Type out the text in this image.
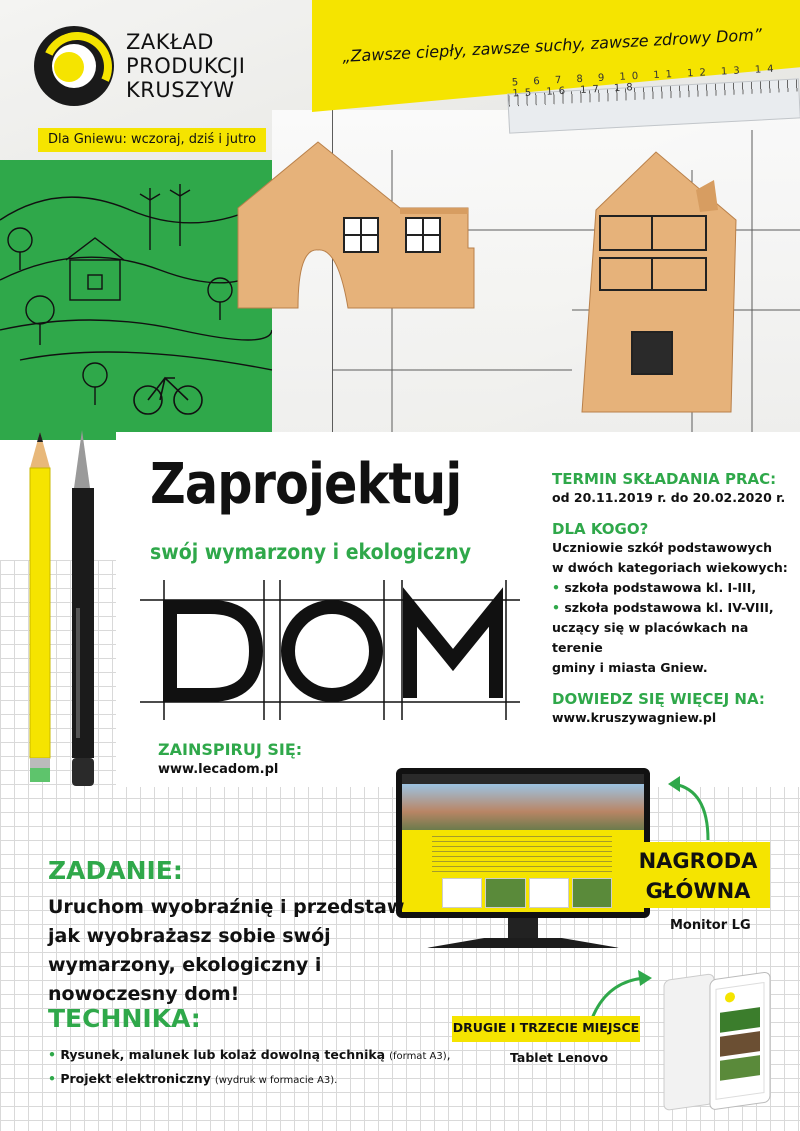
„Zawsze ciepły, zawsze suchy, zawsze zdrowy Dom”
5 6 7 8 9 10 11 12 13 14 15 16 17 18
ZAKŁAD
PRODUKCJI
KRUSZYW
Dla Gniewu: wczoraj, dziś i jutro
Zaprojektuj
swój wymarzony i ekologiczny
DOM
ZAINSPIRUJ SIĘ:
www.lecadom.pl
TERMIN SKŁADANIA PRAC:
od 20.11.2019 r. do 20.02.2020 r.
DLA KOGO?
Uczniowie szkół podstawowych
w dwóch kategoriach wiekowych:
• szkoła podstawowa kl. I-III,
• szkoła podstawowa kl. IV-VIII,
uczący się w placówkach na terenie
gminy i miasta Gniew.
DOWIEDZ SIĘ WIĘCEJ NA:
www.kruszywagniew.pl
NAGRODA
GŁÓWNA
Monitor LG
ZADANIE:
Uruchom wyobraźnię i przedstaw jak wyobrażasz sobie swój wymarzony, ekologiczny i nowoczesny dom!
TECHNIKA:
• Rysunek, malunek lub kolaż dowolną techniką (format A3),
• Projekt elektroniczny (wydruk w formacie A3).
DRUGIE I TRZECIE MIEJSCE
Tablet Lenovo
